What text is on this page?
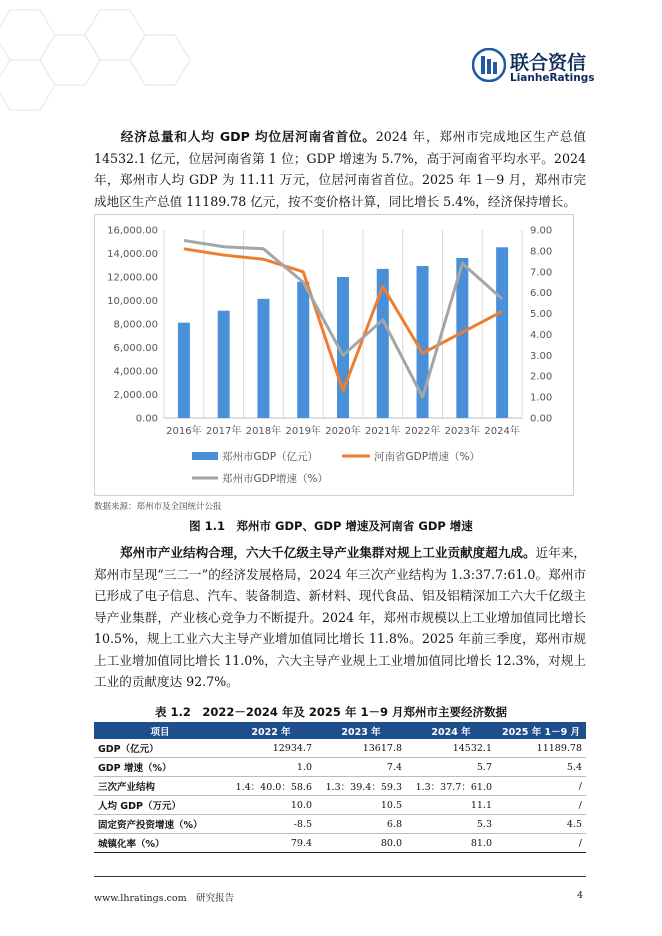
联合资信
LianheRatings
经济总量和人均 GDP 均位居河南省首位。2024 年，郑州市完成地区生产总值 14532.1 亿元，位居河南省第 1 位；GDP 增速为 5.7%，高于河南省平均水平。2024 年，郑州市人均 GDP 为 11.11 万元，位居河南省首位。2025 年 1－9 月，郑州市完成地区生产总值 11189.78 亿元，按不变价格计算，同比增长 5.4%，经济保持增长。
0.00
2,000.00
4,000.00
6,000.00
8,000.00
10,000.00
12,000.00
14,000.00
16,000.00
0.00
1.00
2.00
3.00
4.00
5.00
6.00
7.00
8.00
9.00
2016年 2017年 2018年 2019年 2020年 2021年 2022年 2023年 2024年
郑州市GDP（亿元）	河南省GDP增速（%）
郑州市GDP增速（%）
数据来源：郑州市及全国统计公报
图 1.1　郑州市 GDP、GDP 增速及河南省 GDP 增速
郑州市产业结构合理，六大千亿级主导产业集群对规上工业贡献度超九成。近年来，郑州市呈现“三二一”的经济发展格局，2024 年三次产业结构为 1.3:37.7:61.0。郑州市已形成了电子信息、汽车、装备制造、新材料、现代食品、铝及铝精深加工六大千亿级主导产业集群，产业核心竞争力不断提升。2024 年，郑州市规模以上工业增加值同比增长 10.5%，规上工业六大主导产业增加值同比增长 11.8%。2025 年前三季度，郑州市规上工业增加值同比增长 11.0%，六大主导产业规上工业增加值同比增长 12.3%，对规上工业的贡献度达 92.7%。
表 1.2　2022－2024 年及 2025 年 1－9 月郑州市主要经济数据
项目	2022 年	2023 年	2024 年	2025 年 1－9 月
GDP（亿元）	12934.7	13617.8	14532.1	11189.78
GDP 增速（%）	1.0	7.4	5.7	5.4
三次产业结构	1.4：40.0：58.6	1.3：39.4：59.3	1.3：37.7：61.0	/
人均 GDP（万元）	10.0	10.5	11.1	/
固定资产投资增速（%）	-8.5	6.8	5.3	4.5
城镇化率（%）	79.4	80.0	81.0	/
www.lhratings.com　研究报告	4
